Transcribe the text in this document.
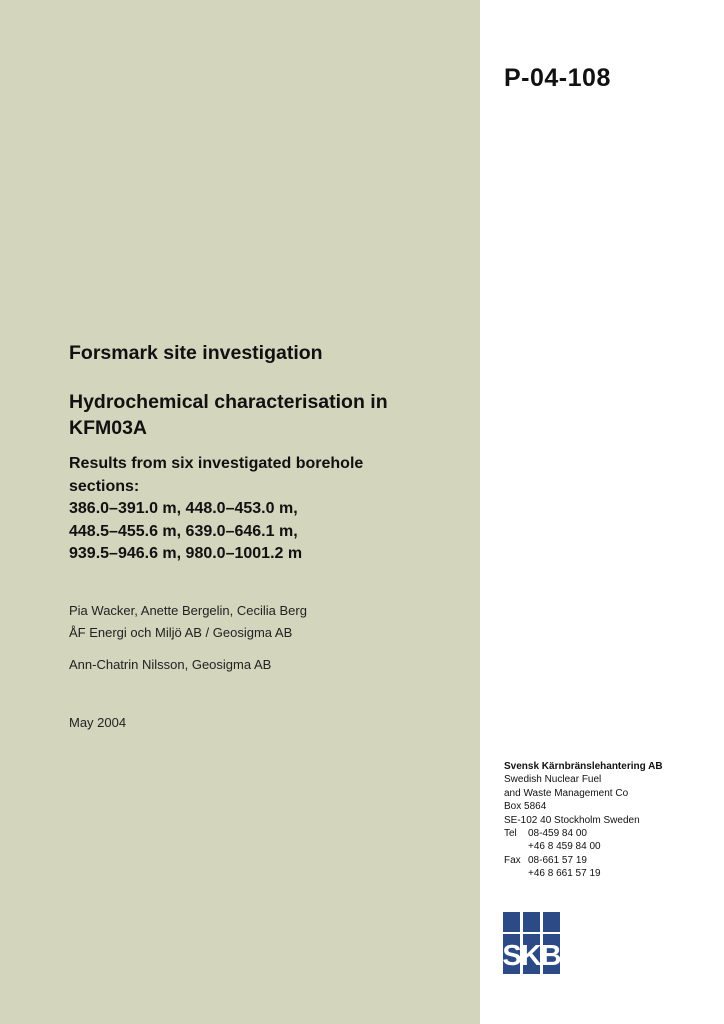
P-04-108
Forsmark site investigation
Hydrochemical characterisation in
KFM03A
Results from six investigated borehole
sections:
386.0–391.0 m, 448.0–453.0 m,
448.5–455.6 m, 639.0–646.1 m,
939.5–946.6 m, 980.0–1001.2 m
Pia Wacker, Anette Bergelin, Cecilia Berg
ÅF Energi och Miljö AB / Geosigma AB
Ann-Chatrin Nilsson, Geosigma AB
May 2004
Svensk Kärnbränslehantering AB
Swedish Nuclear Fuel
and Waste Management Co
Box 5864
SE-102 40 Stockholm Sweden
Tel	08-459 84 00
+46 8 459 84 00
Fax 08-661 57 19
+46 8 661 57 19
SKB
